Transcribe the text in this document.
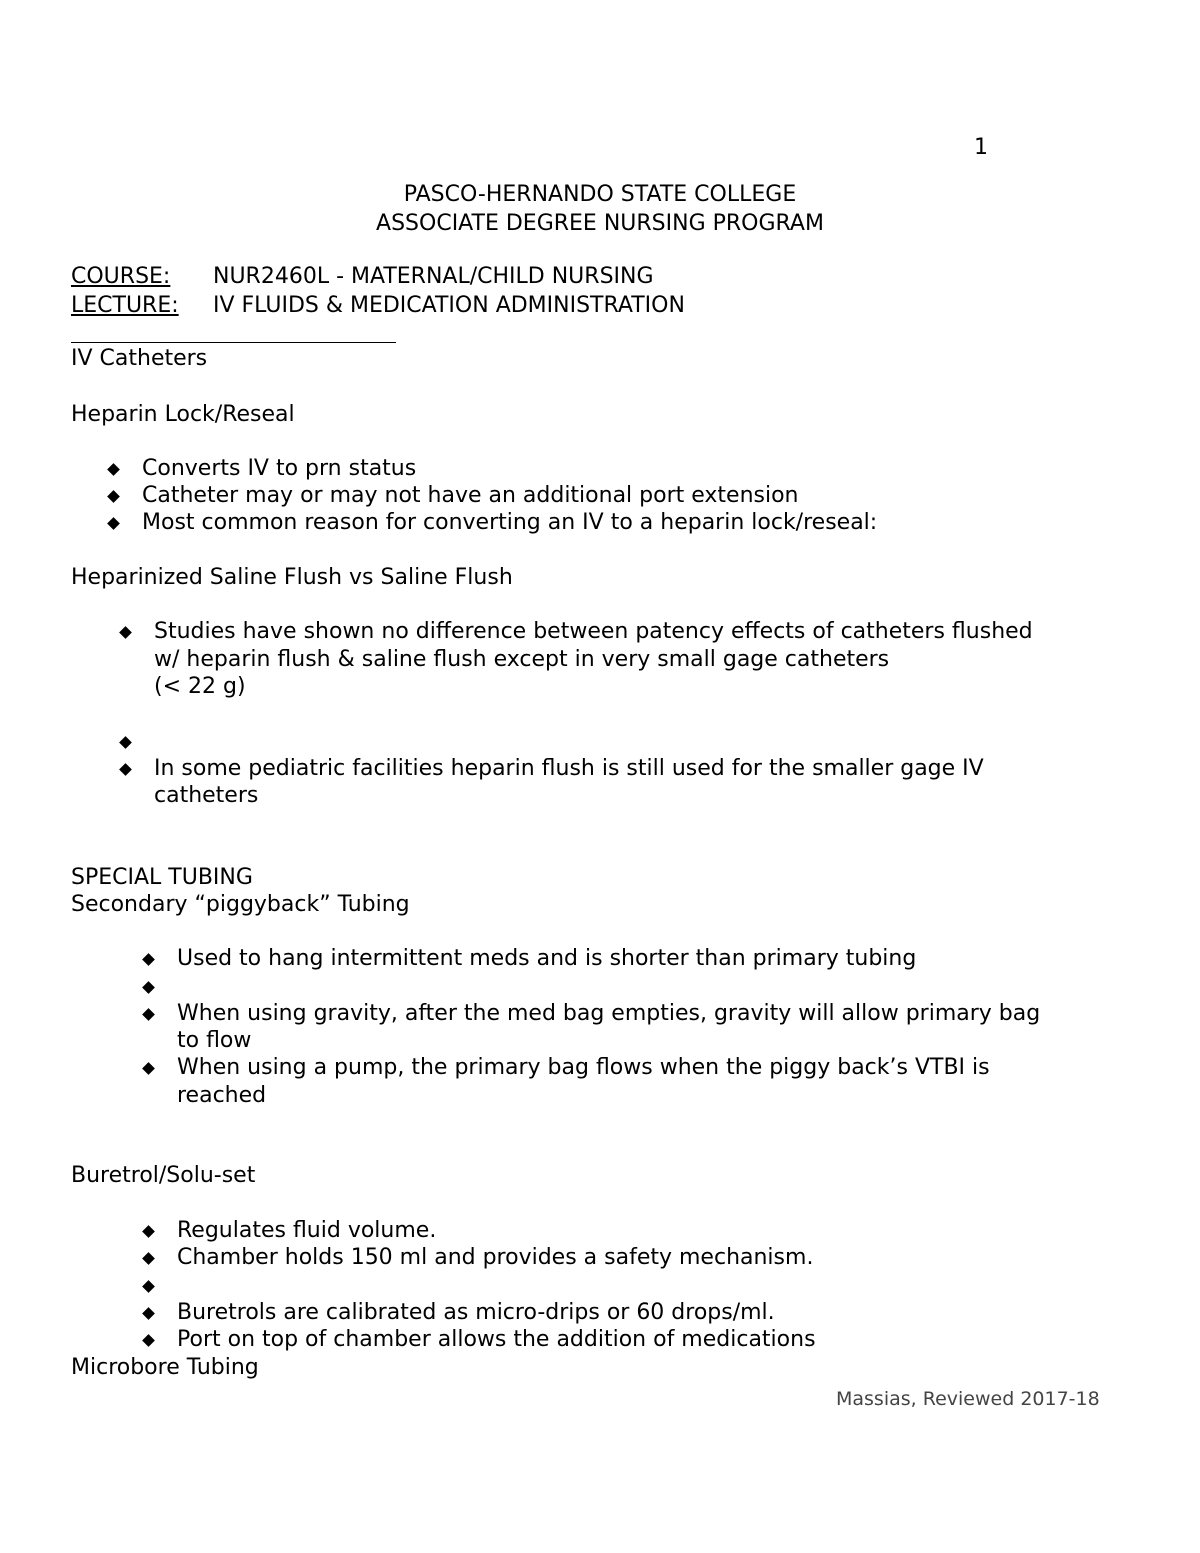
1
PASCO-HERNANDO STATE COLLEGE
ASSOCIATE DEGREE NURSING PROGRAM
COURSE: NUR2460L - MATERNAL/CHILD NURSING
LECTURE: IV FLUIDS & MEDICATION ADMINISTRATION
IV Catheters
Heparin Lock/Reseal
Converts IV to prn status
Catheter may or may not have an additional port extension
Most common reason for converting an IV to a heparin lock/reseal:
Heparinized Saline Flush vs Saline Flush
Studies have shown no difference between patency effects of catheters flushed
w/ heparin flush & saline flush except in very small gage catheters
(< 22 g)
In some pediatric facilities heparin flush is still used for the smaller gage IV
catheters
SPECIAL TUBING
Secondary “piggyback” Tubing
Used to hang intermittent meds and is shorter than primary tubing
When using gravity, after the med bag empties, gravity will allow primary bag
to flow
When using a pump, the primary bag flows when the piggy back’s VTBI is
reached
Buretrol/Solu-set
Regulates fluid volume.
Chamber holds 150 ml and provides a safety mechanism.
Buretrols are calibrated as micro-drips or 60 drops/ml.
Port on top of chamber allows the addition of medications
Microbore Tubing
Massias, Reviewed 2017-18
